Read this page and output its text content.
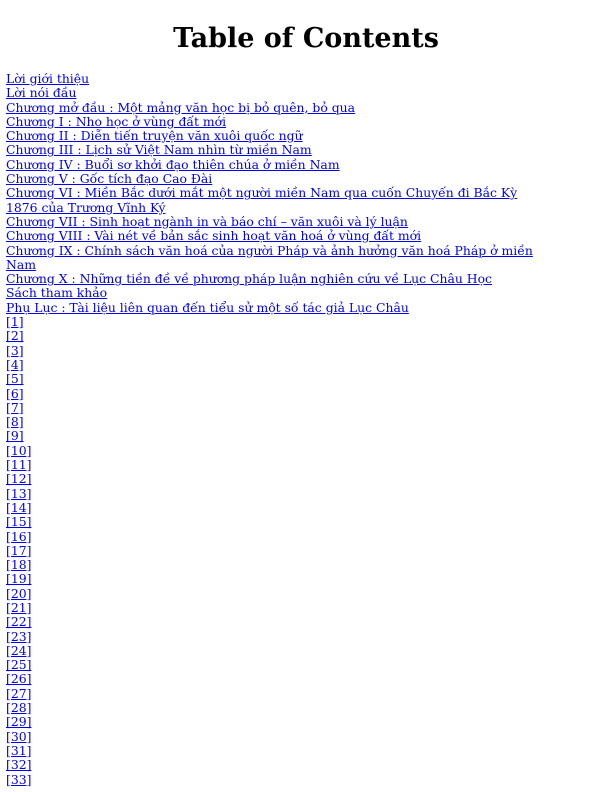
Table of Contents
Lời giới thiệu
Lời nói đầu
Chương mở đầu : Một mảng văn học bị bỏ quên, bỏ qua
Chương I : Nho học ở vùng đất mới
Chương II : Diễn tiến truyện văn xuôi quốc ngữ
Chương III : Lịch sử Việt Nam nhìn từ miền Nam
Chương IV : Buổi sơ khởi đạo thiên chúa ở miền Nam
Chương V : Gốc tích đạo Cao Đài
Chương VI : Miền Bắc dưới mắt một người miền Nam qua cuốn Chuyến đi Bắc Kỳ 1876 của Trương Vĩnh Ký
Chương VII : Sinh hoạt ngành in và báo chí – văn xuôi và lý luận
Chương VIII : Vài nét về bản sắc sinh hoạt văn hoá ở vùng đất mới
Chương IX : Chính sách văn hoá của người Pháp và ảnh hưởng văn hoá Pháp ở miền Nam
Chương X : Những tiền đề về phương pháp luận nghiên cứu về Lục Châu Học
Sách tham khảo
Phụ Lục : Tài liệu liên quan đến tiểu sử một số tác giả Lục Châu
[1]
[2]
[3]
[4]
[5]
[6]
[7]
[8]
[9]
[10]
[11]
[12]
[13]
[14]
[15]
[16]
[17]
[18]
[19]
[20]
[21]
[22]
[23]
[24]
[25]
[26]
[27]
[28]
[29]
[30]
[31]
[32]
[33]
